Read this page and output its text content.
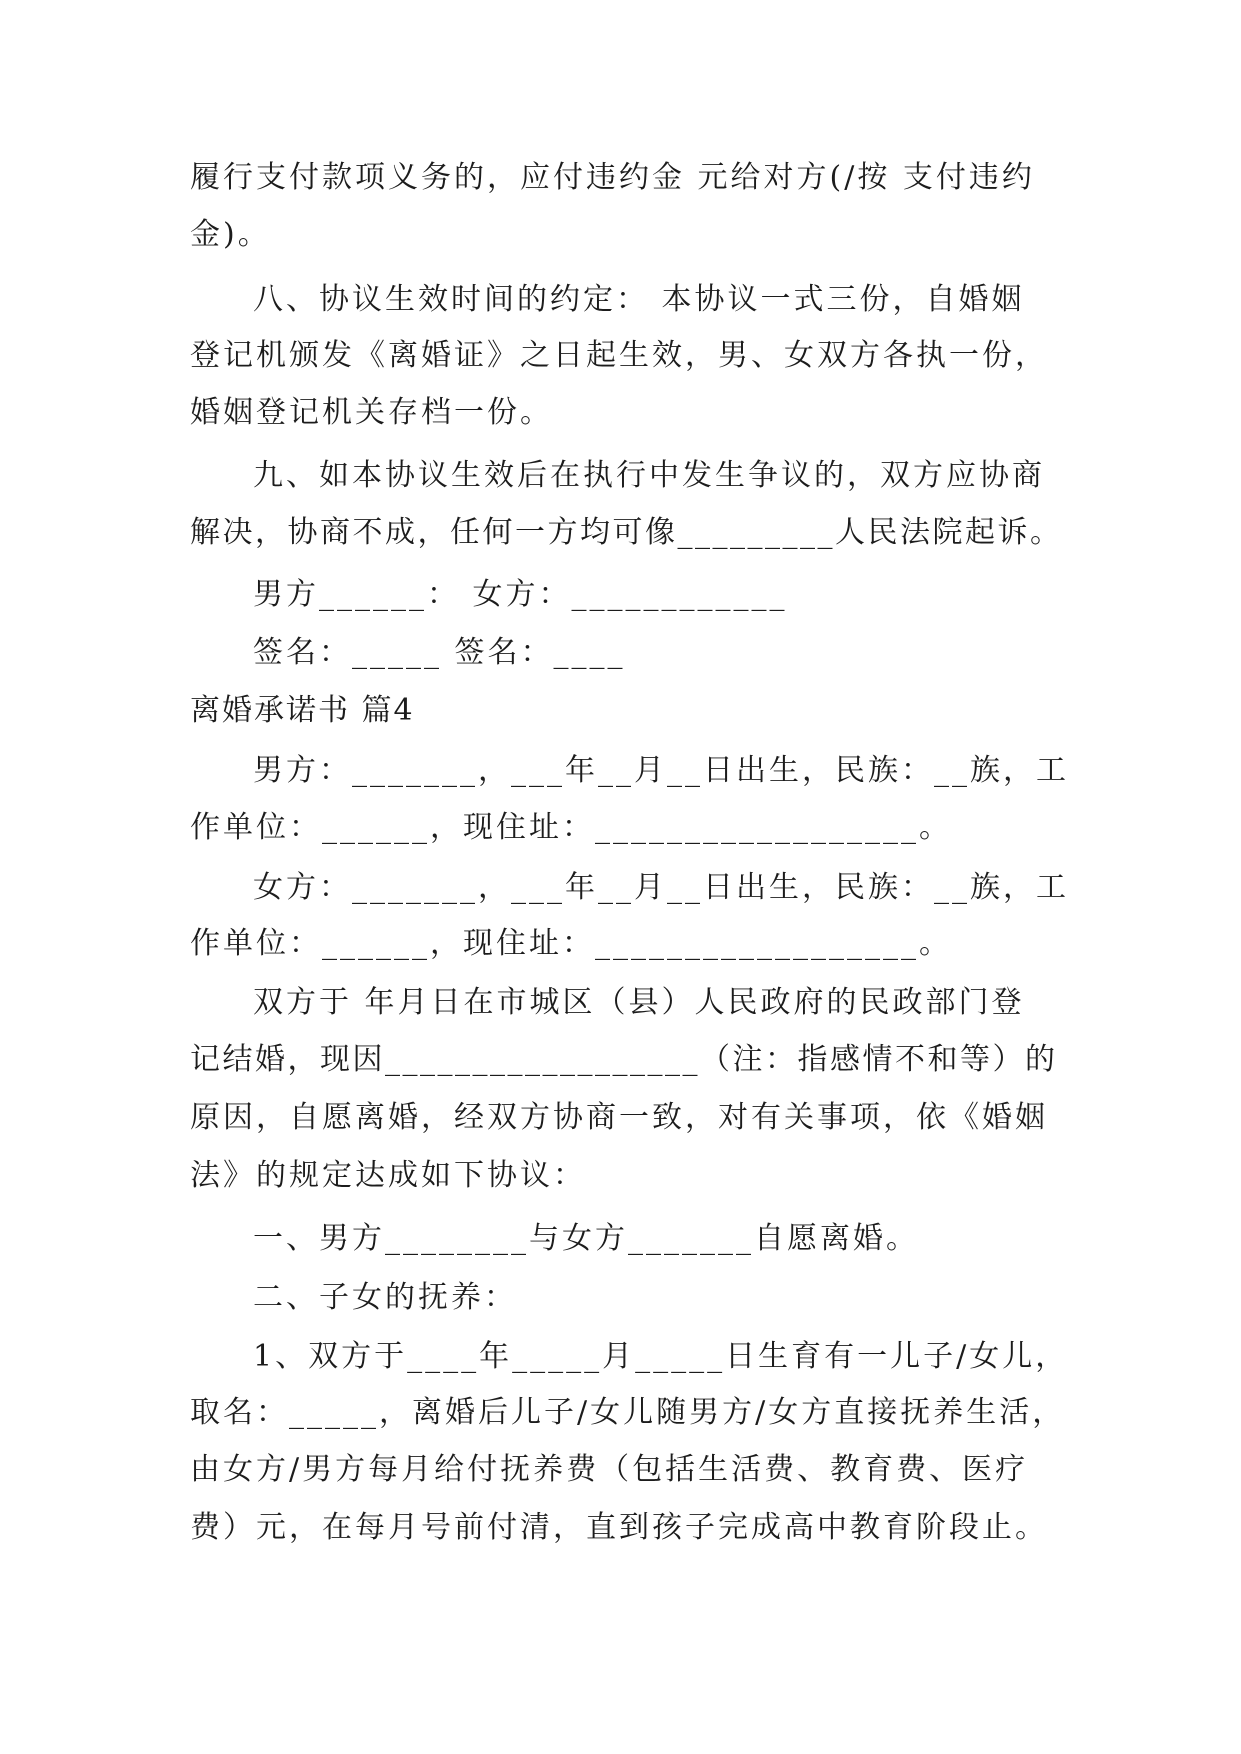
履行支付款项义务的，应付违约金 元给对方(/按 支付违约
金)。
八、协议生效时间的约定： 本协议一式三份，自婚姻
登记机颁发《离婚证》之日起生效，男、女双方各执一份，
婚姻登记机关存档一份。
九、如本协议生效后在执行中发生争议的，双方应协商
解决，协商不成，任何一方均可像_________人民法院起诉。
男方______： 女方：____________
签名：_____ 签名：____
离婚承诺书 篇4
男方：_______，___年__月__日出生，民族：__族，工
作单位：______，现住址：__________________。
女方：_______，___年__月__日出生，民族：__族，工
作单位：______，现住址：__________________。
双方于 年月日在市城区（县）人民政府的民政部门登
记结婚，现因__________________（注：指感情不和等）的
原因，自愿离婚，经双方协商一致，对有关事项，依《婚姻
法》的规定达成如下协议：
一、男方________与女方_______自愿离婚。
二、子女的抚养：
1、双方于____年_____月_____日生育有一儿子/女儿，
取名：_____，离婚后儿子/女儿随男方/女方直接抚养生活，
由女方/男方每月给付抚养费（包括生活费、教育费、医疗
费）元，在每月号前付清，直到孩子完成高中教育阶段止。
